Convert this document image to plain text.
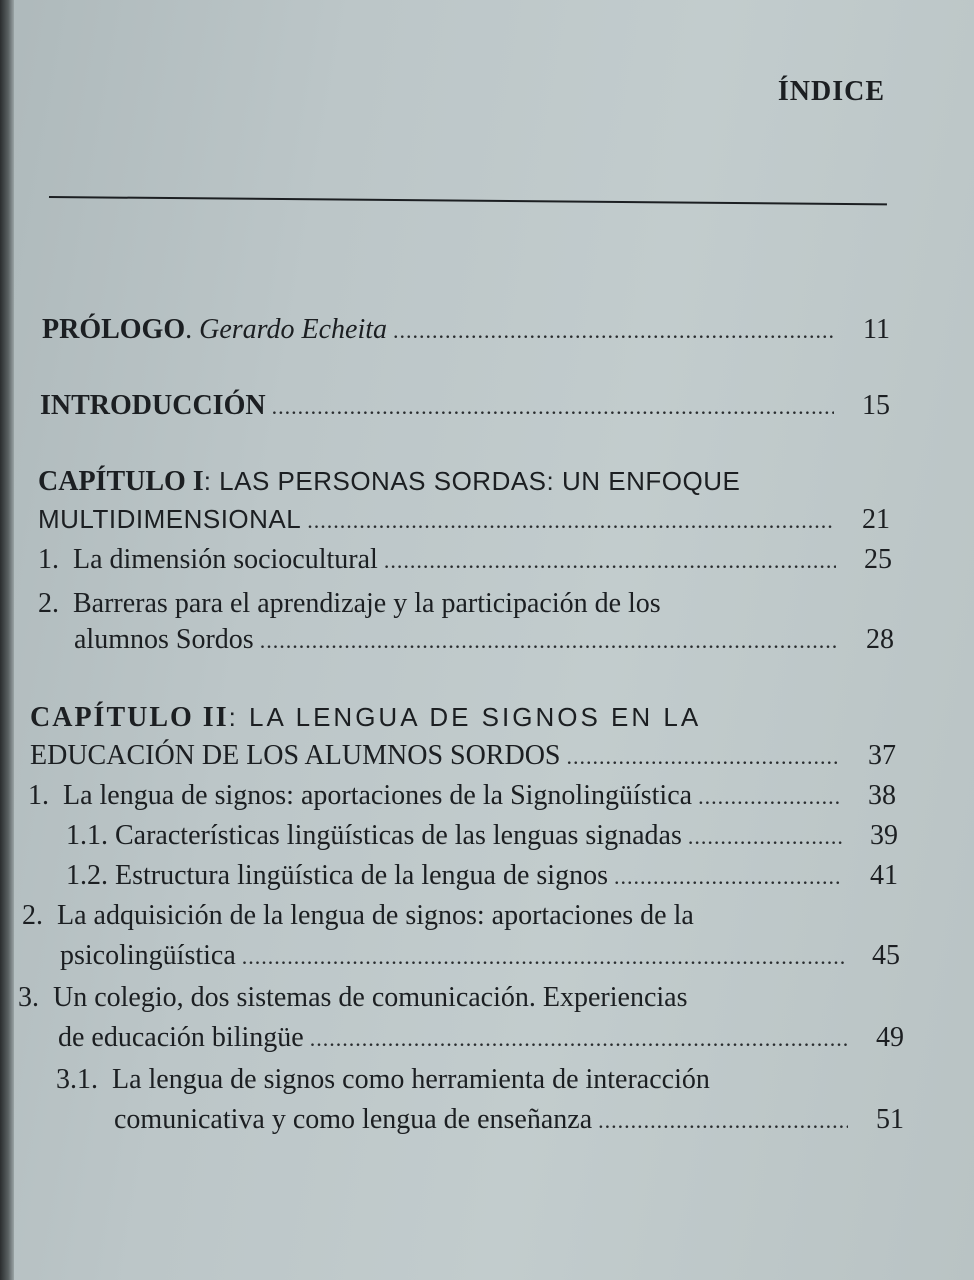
ÍNDICE
PRÓLOGO. Gerardo Echeita .....	11
INTRODUCCIÓN .....	15
CAPÍTULO I: LAS PERSONAS SORDAS: UN ENFOQUE
MULTIDIMENSIONAL .....	21
1. La dimensión sociocultural .....	25
2. Barreras para el aprendizaje y la participación de los
alumnos Sordos .....	28
CAPÍTULO II: LA LENGUA DE SIGNOS EN LA
EDUCACIÓN DE LOS ALUMNOS SORDOS .....	37
1. La lengua de signos: aportaciones de la Signolingüística .....	38
1.1. Características lingüísticas de las lenguas signadas .....	39
1.2. Estructura lingüística de la lengua de signos .....	41
2. La adquisición de la lengua de signos: aportaciones de la
psicolingüística .....	45
3. Un colegio, dos sistemas de comunicación. Experiencias
de educación bilingüe .....	49
3.1. La lengua de signos como herramienta de interacción
comunicativa y como lengua de enseñanza .....	51
